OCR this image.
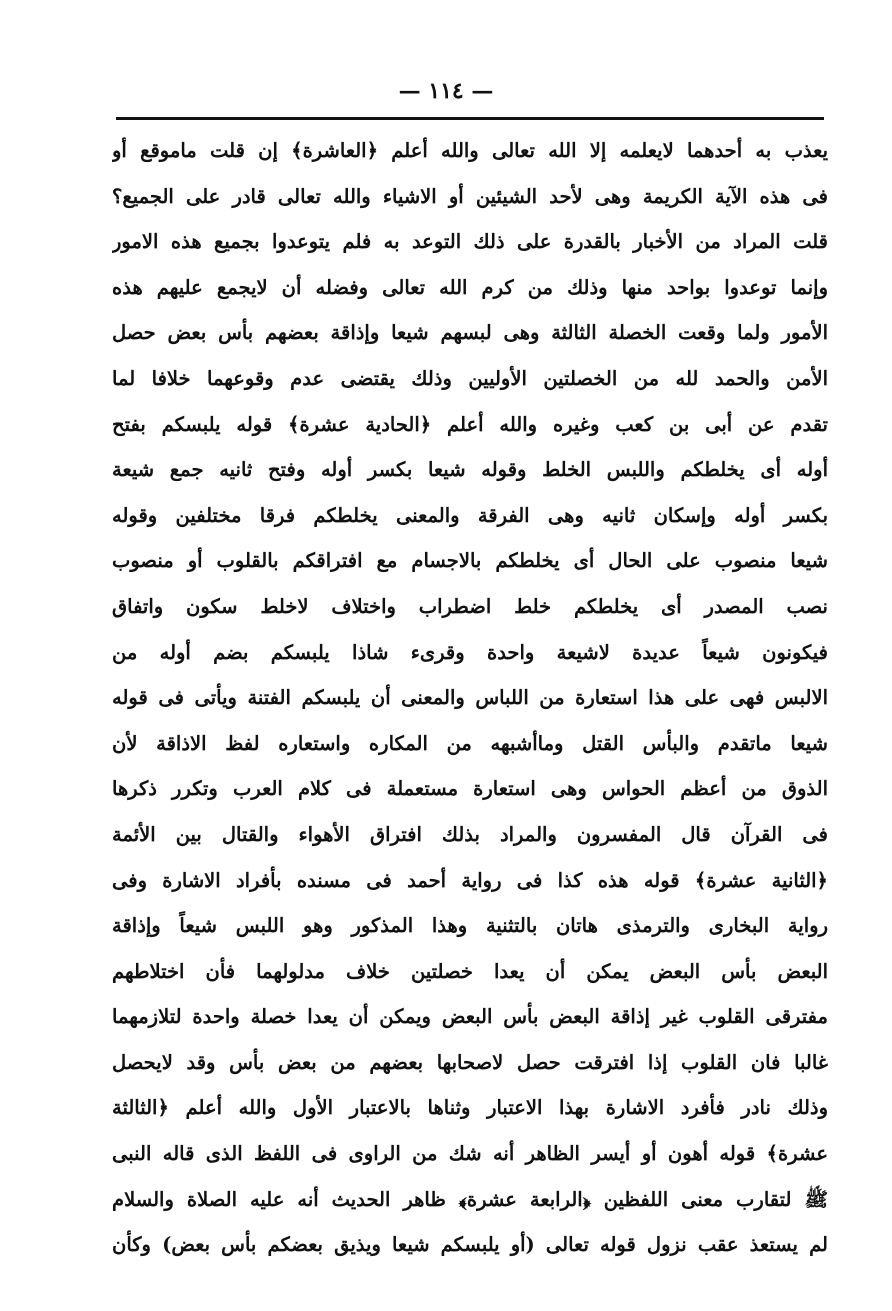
— ١١٤ —
يعذب به أحدهما لايعلمه إلا الله تعالى والله أعلم ﴿العاشرة﴾ إن قلت ماموقع أو
فى هذه الآية الكريمة وهى لأحد الشيئين أو الاشياء والله تعالى قادر على الجميع؟
قلت المراد من الأخبار بالقدرة على ذلك التوعد به فلم يتوعدوا بجميع هذه الامور
وإنما توعدوا بواحد منها وذلك من كرم الله تعالى وفضله أن لايجمع عليهم هذه
الأمور ولما وقعت الخصلة الثالثة وهى لبسهم شيعا وإذاقة بعضهم بأس بعض حصل
الأمن والحمد لله من الخصلتين الأوليين وذلك يقتضى عدم وقوعهما خلافا لما
تقدم عن أبى بن كعب وغيره والله أعلم ﴿الحادية عشرة﴾ قوله يلبسكم بفتح
أوله أى يخلطكم واللبس الخلط وقوله شيعا بكسر أوله وفتح ثانيه جمع شيعة
بكسر أوله وإسكان ثانيه وهى الفرقة والمعنى يخلطكم فرقا مختلفين وقوله
شيعا منصوب على الحال أى يخلطكم بالاجسام مع افتراقكم بالقلوب أو منصوب
نصب المصدر أى يخلطكم خلط اضطراب واختلاف لاخلط سكون واتفاق
فيكونون شيعاً عديدة لاشيعة واحدة وقرىء شاذا يلبسكم بضم أوله من
الالبس فهى على هذا استعارة من اللباس والمعنى أن يلبسكم الفتنة ويأتى فى قوله
شيعا ماتقدم والبأس القتل وماأشبهه من المكاره واستعاره لفظ الاذاقة لأن
الذوق من أعظم الحواس وهى استعارة مستعملة فى كلام العرب وتكرر ذكرها
فى القرآن قال المفسرون والمراد بذلك افتراق الأهواء والقتال بين الأئمة
﴿الثانية عشرة﴾ قوله هذه كذا فى رواية أحمد فى مسنده بأفراد الاشارة وفى
رواية البخارى والترمذى هاتان بالتثنية وهذا المذكور وهو اللبس شيعاً وإذاقة
البعض بأس البعض يمكن أن يعدا خصلتين خلاف مدلولهما فأن اختلاطهم
مفترقى القلوب غير إذاقة البعض بأس البعض ويمكن أن يعدا خصلة واحدة لتلازمهما
غالبا فان القلوب إذا افترقت حصل لاصحابها بعضهم من بعض بأس وقد لايحصل
وذلك نادر فأفرد الاشارة بهذا الاعتبار وثناها بالاعتبار الأول والله أعلم ﴿الثالثة
عشرة﴾ قوله أهون أو أيسر الظاهر أنه شك من الراوى فى اللفظ الذى قاله النبى
ﷺ لتقارب معنى اللفظين ﴿الرابعة عشرة﴾ ظاهر الحديث أنه عليه الصلاة والسلام
لم يستعذ عقب نزول قوله تعالى (أو يلبسكم شيعا ويذيق بعضكم بأس بعض) وكأن
